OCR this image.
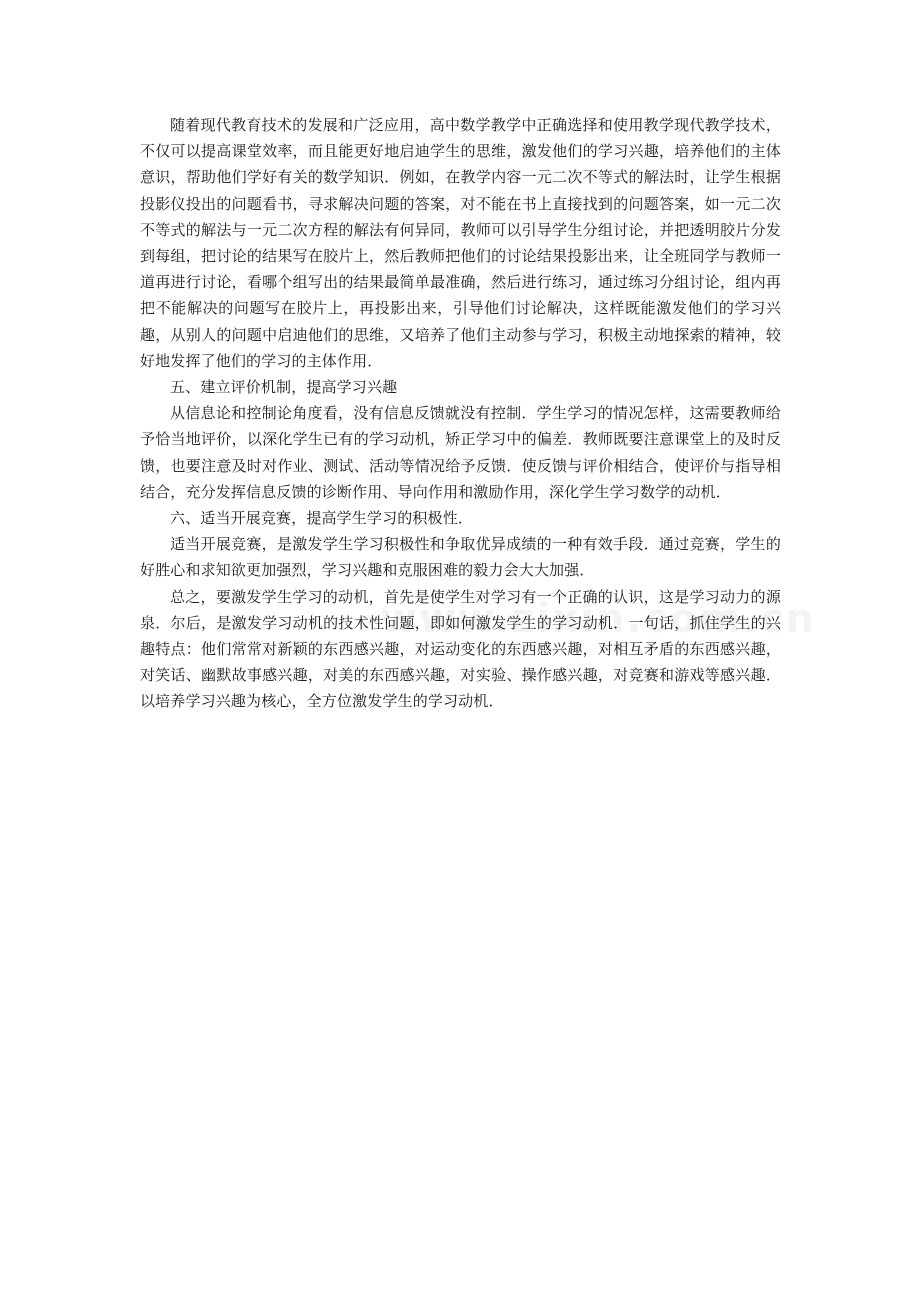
随着现代教育技术的发展和广泛应用，高中数学教学中正确选择和使用教学现代教学技术，不仅可以提高课堂效率，而且能更好地启迪学生的思维，激发他们的学习兴趣，培养他们的主体意识，帮助他们学好有关的数学知识．例如，在教学内容一元二次不等式的解法时，让学生根据投影仪投出的问题看书，寻求解决问题的答案，对不能在书上直接找到的问题答案，如一元二次不等式的解法与一元二次方程的解法有何异同，教师可以引导学生分组讨论，并把透明胶片分发到每组，把讨论的结果写在胶片上，然后教师把他们的讨论结果投影出来，让全班同学与教师一道再进行讨论，看哪个组写出的结果最简单最准确，然后进行练习，通过练习分组讨论，组内再把不能解决的问题写在胶片上，再投影出来，引导他们讨论解决，这样既能激发他们的学习兴趣，从别人的问题中启迪他们的思维，又培养了他们主动参与学习，积极主动地探索的精神，较好地发挥了他们的学习的主体作用．

五、建立评价机制，提高学习兴趣

从信息论和控制论角度看，没有信息反馈就没有控制．学生学习的情况怎样，这需要教师给予恰当地评价，以深化学生已有的学习动机，矫正学习中的偏差．教师既要注意课堂上的及时反馈，也要注意及时对作业、测试、活动等情况给予反馈．使反馈与评价相结合，使评价与指导相结合，充分发挥信息反馈的诊断作用、导向作用和激励作用，深化学生学习数学的动机．

六、适当开展竞赛，提高学生学习的积极性．

适当开展竞赛，是激发学生学习积极性和争取优异成绩的一种有效手段．通过竞赛，学生的好胜心和求知欲更加强烈，学习兴趣和克服困难的毅力会大大加强．

总之，要激发学生学习的动机，首先是使学生对学习有一个正确的认识，这是学习动力的源泉．尔后，是激发学习动机的技术性问题，即如何激发学生的学习动机．一句话，抓住学生的兴趣特点：他们常常对新颖的东西感兴趣，对运动变化的东西感兴趣，对相互矛盾的东西感兴趣，对笑话、幽默故事感兴趣，对美的东西感兴趣，对实验、操作感兴趣，对竞赛和游戏等感兴趣．以培养学习兴趣为核心，全方位激发学生的学习动机．
